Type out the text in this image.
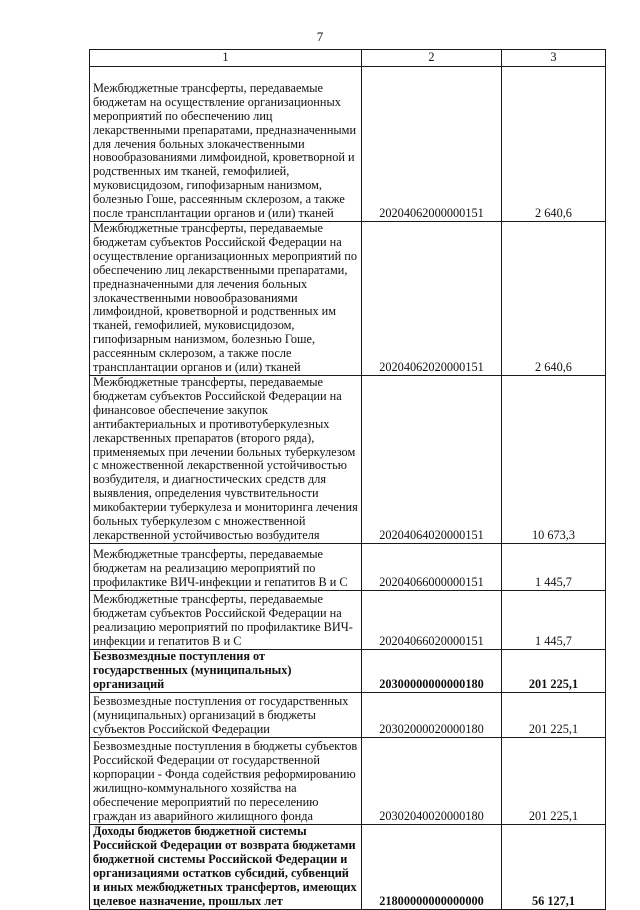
7
1	2	3
Межбюджетные трансферты, передаваемые бюджетам на осуществление организационных мероприятий по обеспечению лиц лекарственными препаратами, предназначенными для лечения больных злокачественными новообразованиями лимфоидной, кроветворной и родственных им тканей, гемофилией, муковисцидозом, гипофизарным нанизмом, болезнью Гоше, рассеянным склерозом, а также после трансплантации органов и (или) тканей	20204062000000151	2 640,6
Межбюджетные трансферты, передаваемые бюджетам субъектов Российской Федерации на осуществление организационных мероприятий по обеспечению лиц лекарственными препаратами, предназначенными для лечения больных злокачественными новообразованиями лимфоидной, кроветворной и родственных им тканей, гемофилией, муковисцидозом, гипофизарным нанизмом, болезнью Гоше, рассеянным склерозом, а также после трансплантации органов и (или) тканей	20204062020000151	2 640,6
Межбюджетные трансферты, передаваемые бюджетам субъектов Российской Федерации на финансовое обеспечение закупок антибактериальных и противотуберкулезных лекарственных препаратов (второго ряда), применяемых при лечении больных туберкулезом с множественной лекарственной устойчивостью возбудителя, и диагностических средств для выявления, определения чувствительности микобактерии туберкулеза и мониторинга лечения больных туберкулезом с множественной лекарственной устойчивостью возбудителя	20204064020000151	10 673,3
Межбюджетные трансферты, передаваемые бюджетам на реализацию мероприятий по профилактике ВИЧ-инфекции и гепатитов В и С	20204066000000151	1 445,7
Межбюджетные трансферты, передаваемые бюджетам субъектов Российской Федерации на реализацию мероприятий по профилактике ВИЧ-инфекции и гепатитов В и С	20204066020000151	1 445,7
Безвозмездные поступления от государственных (муниципальных) организаций	20300000000000180	201 225,1
Безвозмездные поступления от государственных (муниципальных) организаций в бюджеты субъектов Российской Федерации	20302000020000180	201 225,1
Безвозмездные поступления в бюджеты субъектов Российской Федерации от государственной корпорации - Фонда содействия реформированию жилищно-коммунального хозяйства на обеспечение мероприятий по переселению граждан из аварийного жилищного фонда	20302040020000180	201 225,1
Доходы бюджетов бюджетной системы Российской Федерации от возврата бюджетами бюджетной системы Российской Федерации и организациями остатков субсидий, субвенций и иных межбюджетных трансфертов, имеющих целевое назначение, прошлых лет	21800000000000000	56 127,1
